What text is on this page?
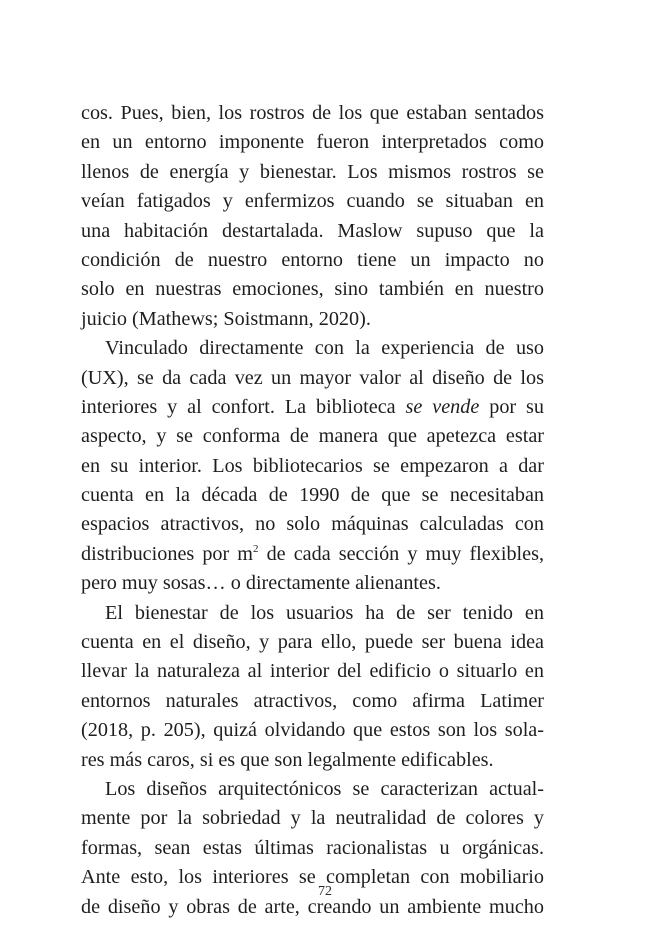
cos. Pues, bien, los rostros de los que estaban sentados
en un entorno imponente fueron interpretados como
llenos de energía y bienestar. Los mismos rostros se
veían fatigados y enfermizos cuando se situaban en
una habitación destartalada. Maslow supuso que la
condición de nuestro entorno tiene un impacto no
solo en nuestras emociones, sino también en nuestro
juicio (Mathews; Soistmann, 2020).
Vinculado directamente con la experiencia de uso
(UX), se da cada vez un mayor valor al diseño de los
interiores y al confort. La biblioteca se vende por su
aspecto, y se conforma de manera que apetezca estar
en su interior. Los bibliotecarios se empezaron a dar
cuenta en la década de 1990 de que se necesitaban
espacios atractivos, no solo máquinas calculadas con
distribuciones por $m^2$ de cada sección y muy flexibles,
pero muy sosas… o directamente alienantes.
El bienestar de los usuarios ha de ser tenido en
cuenta en el diseño, y para ello, puede ser buena idea
llevar la naturaleza al interior del edificio o situarlo en
entornos naturales atractivos, como afirma Latimer
(2018, p. 205), quizá olvidando que estos son los sola-
res más caros, si es que son legalmente edificables.
Los diseños arquitectónicos se caracterizan actual-
mente por la sobriedad y la neutralidad de colores y
formas, sean estas últimas racionalistas u orgánicas.
Ante esto, los interiores se completan con mobiliario
de diseño y obras de arte, creando un ambiente mucho
72
